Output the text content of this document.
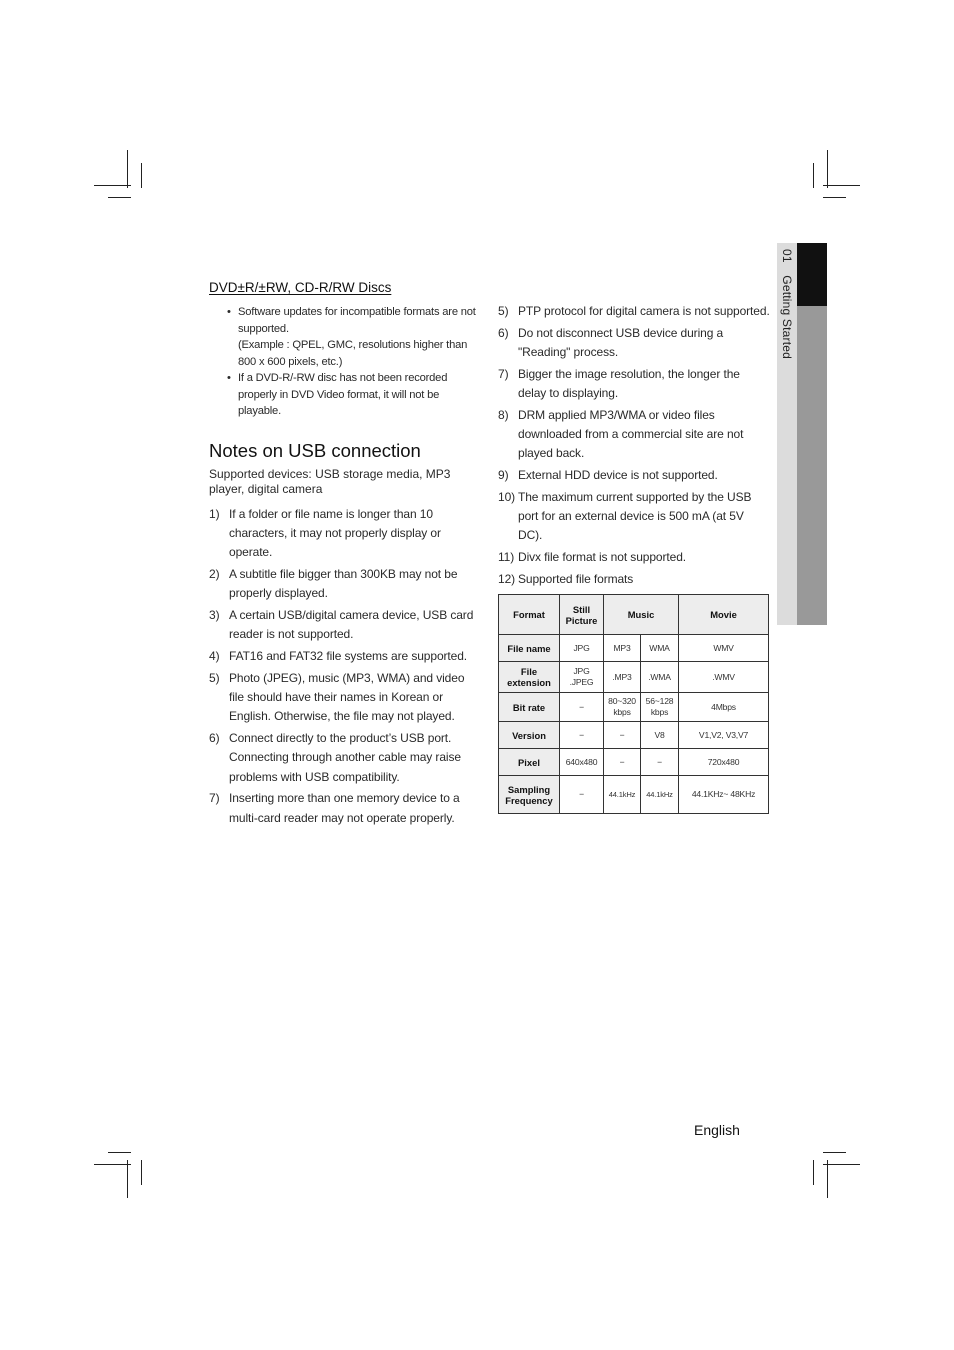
DVD±R/±RW, CD-R/RW Discs
• Software updates for incompatible formats are not supported.
(Example : QPEL, GMC, resolutions higher than 800 x 600 pixels, etc.)
• If a DVD-R/-RW disc has not been recorded properly in DVD Video format, it will not be playable.
Notes on USB connection

Supported devices: USB storage media, MP3 player, digital camera

1) If a folder or file name is longer than 10 characters, it may not properly display or operate.
2) A subtitle file bigger than 300KB may not be properly displayed.
3) A certain USB/digital camera device, USB card reader is not supported.
4) FAT16 and FAT32 file systems are supported.
5) Photo (JPEG), music (MP3, WMA) and video file should have their names in Korean or English. Otherwise, the file may not played.
6) Connect directly to the product’s USB port. Connecting through another cable may raise problems with USB compatibility.
7) Inserting more than one memory device to a multi-card reader may not operate properly.
5) PTP protocol for digital camera is not supported.
6) Do not disconnect USB device during a "Reading" process.
7) Bigger the image resolution, the longer the delay to displaying.
8) DRM applied MP3/WMA or video files downloaded from a commercial site are not played back.
9) External HDD device is not supported.
10) The maximum current supported by the USB port for an external device is 500 mA (at 5V DC).
11) Divx file format is not supported.
12) Supported file formats
Format	Still Picture	Music		Movie
File name	JPG	MP3	WMA	WMV
File extension	JPG .JPEG	.MP3	.WMA	.WMV
Bit rate	−	80~320 kbps	56~128 kbps	4Mbps
Version	−	−	V8	V1,V2, V3,V7
Pixel	640x480	−	−	720x480
Sampling Frequency	−	44.1kHz	44.1kHz	44.1KHz~ 48KHz
01 Getting Started
English
